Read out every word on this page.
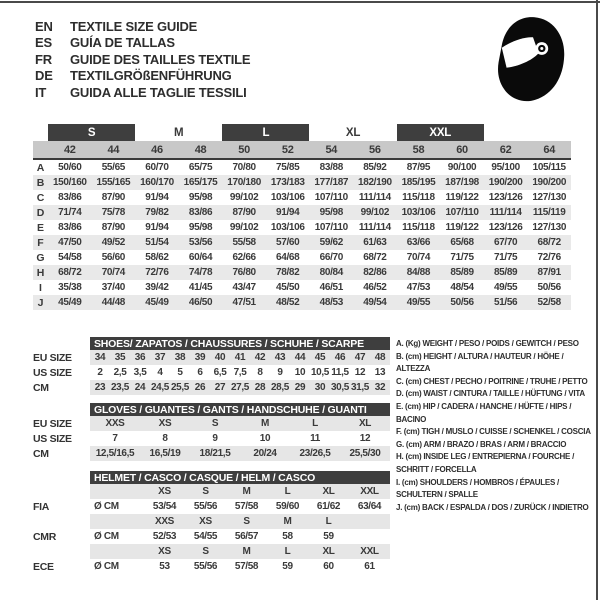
EN	TEXTILE SIZE GUIDE
ES	GUÍA DE TALLAS
FR	GUIDE DES TAILLES TEXTILE
DE	TEXTILGRÖßENFÜHRUNG
IT	GUIDA ALLE TAGLIE TESSILI
S	M	L	XL	XXL
42	44	46	48	50	52	54	56	58	60	62	64
A	50/60	55/65	60/70	65/75	70/80	75/85	83/88	85/92	87/95	90/100	95/100	105/115
B 150/160 155/165 160/170 165/175 170/180 173/183 177/187 182/190 185/195 187/198 190/200 190/200
C	83/86	87/90	91/94	95/98	99/102	103/106	107/110	111/114	115/118	119/122	123/126 127/130
D	71/74	75/78	79/82	83/86	87/90	91/94	95/98	99/102	103/106	107/110	111/114	115/119
E	83/86	87/90	91/94	95/98	99/102	103/106	107/110	111/114	115/118	119/122	123/126 127/130
F	47/50	49/52	51/54	53/56	55/58	57/60	59/62	61/63	63/66	65/68	67/70	68/72
G	54/58	56/60	58/62	60/64	62/66	64/68	66/70	68/72	70/74	71/75	71/75	72/76
H	68/72	70/74	72/76	74/78	76/80	78/82	80/84	82/86	84/88	85/89	85/89	87/91
I	35/38	37/40	39/42	41/45	43/47	45/50	46/51	46/52	47/53	48/54	49/55	50/56
J	45/49	44/48	45/49	46/50	47/51	48/52	48/53	49/54	49/55	50/56	51/56	52/58
SHOES/ ZAPATOS / CHAUSSURES / SCHUHE / SCARPE
EU SIZE	34 35 36 37 38 39 40 41 42 43 44 45 46 47 48
US SIZE	2	2,5 3,5	4	5	6	6,5 7,5	8	9	10 10,5 11,5 12 13
CM	23 23,5 24 24,5 25,5 26 27 27,5 28 28,5 29 30 30,5 31,5 32
GLOVES / GUANTES / GANTS / HANDSCHUHE / GUANTI
EU SIZE	XXS	XS	S	M	L	XL
US SIZE	7	8	9	10	11	12
CM	12,5/16,5	16,5/19	18/21,5	20/24	23/26,5	25,5/30
HELMET / CASCO / CASQUE / HELM / CASCO
XS	S	M	L	XL	XXL
FIA	Ø CM	53/54	55/56	57/58	59/60	61/62	63/64
XXS	XS	S	M	L
CMR	Ø CM	52/53	54/55	56/57	58	59
XS	S	M	L	XL	XXL
ECE	Ø CM	53	55/56	57/58	59	60	61
A. (Kg) WEIGHT / PESO / POIDS / GEWITCH / PESO
B. (cm) HEIGHT / ALTURA / HAUTEUR / HÖHE / ALTEZZA
C. (cm) CHEST / PECHO / POITRINE / TRUHE / PETTO
D. (cm) WAIST / CINTURA / TAILLE / HÜFTUNG / VITA
E. (cm) HIP / CADERA / HANCHE / HÜFTE / HIPS / BACINO
F. (cm) TIGH / MUSLO / CUISSE / SCHENKEL / COSCIA
G. (cm) ARM / BRAZO / BRAS / ARM / BRACCIO
H. (cm) INSIDE LEG / ENTREPIERNA / FOURCHE / SCHRITT / FORCELLA
I. (cm) SHOULDERS / HOMBROS / ÉPAULES / SCHULTERN / SPALLE
J. (cm) BACK / ESPALDA / DOS / ZURÜCK / INDIETRO
